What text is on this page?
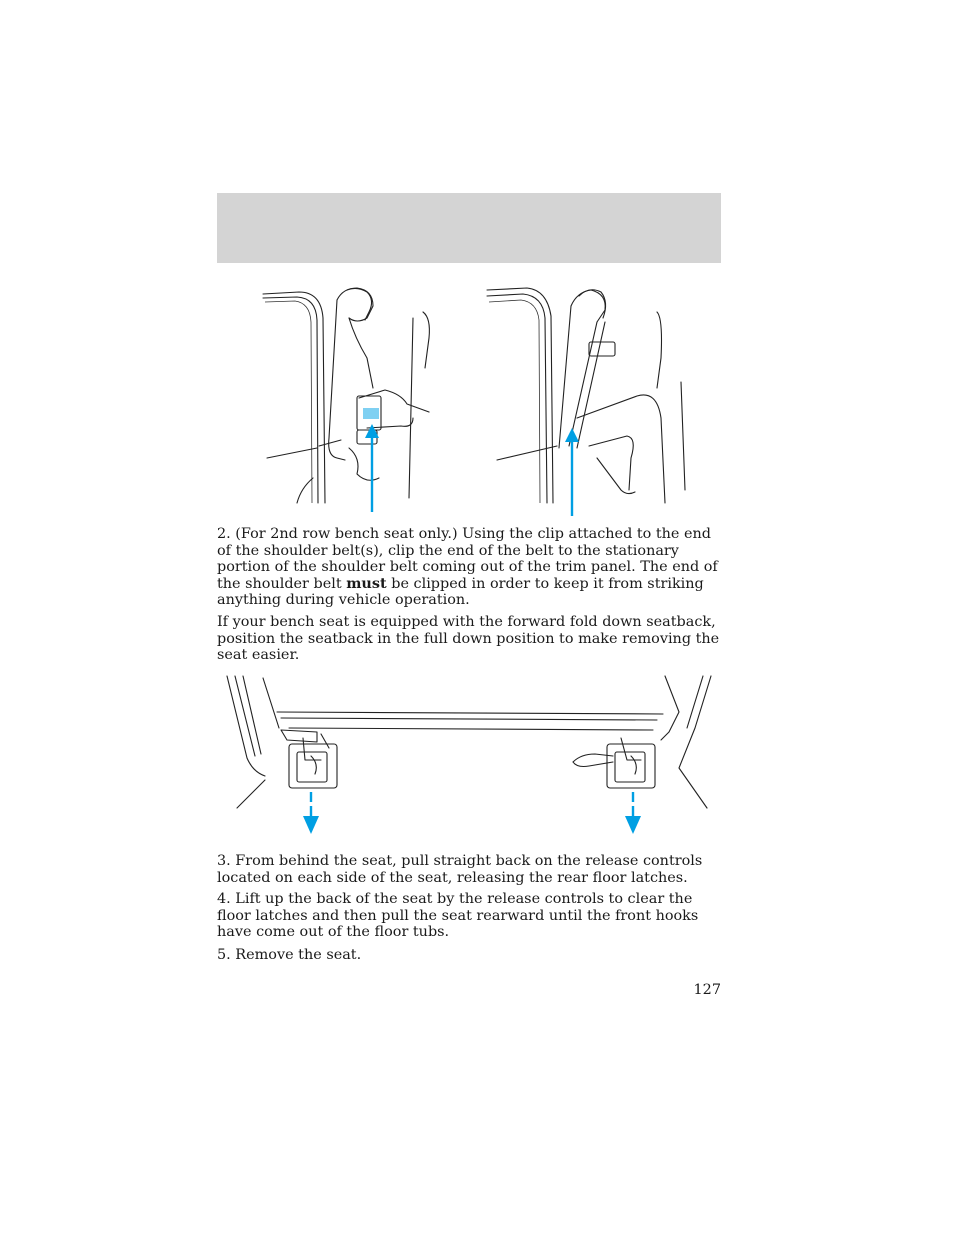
2. (For 2nd row bench seat only.) Using the clip attached to the end of the shoulder belt(s), clip the end of the belt to the stationary portion of the shoulder belt coming out of the trim panel. The end of the shoulder belt must be clipped in order to keep it from striking anything during vehicle operation.

If your bench seat is equipped with the forward fold down seatback, position the seatback in the full down position to make removing the seat easier.

3. From behind the seat, pull straight back on the release controls located on each side of the seat, releasing the rear floor latches.

4. Lift up the back of the seat by the release controls to clear the floor latches and then pull the seat rearward until the front hooks have come out of the floor tubs.

5. Remove the seat.

127
